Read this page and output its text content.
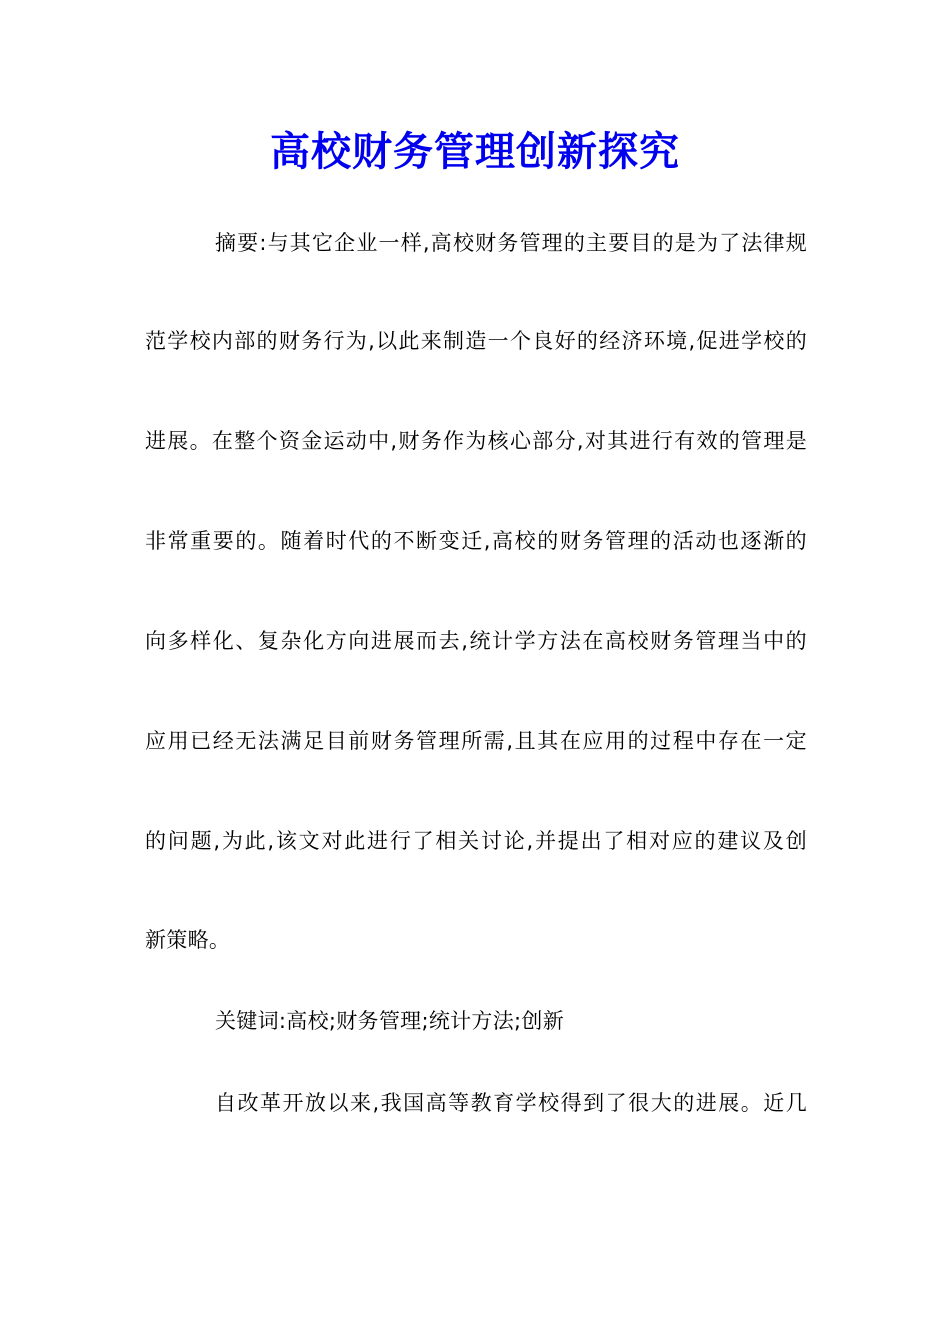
高校财务管理创新探究
摘要:与其它企业一样,高校财务管理的主要目的是为了法律规
范学校内部的财务行为,以此来制造一个良好的经济环境,促进学校的
进展。在整个资金运动中,财务作为核心部分,对其进行有效的管理是
非常重要的。随着时代的不断变迁,高校的财务管理的活动也逐渐的
向多样化、复杂化方向进展而去,统计学方法在高校财务管理当中的
应用已经无法满足目前财务管理所需,且其在应用的过程中存在一定
的问题,为此,该文对此进行了相关讨论,并提出了相对应的建议及创
新策略。
关键词:高校;财务管理;统计方法;创新
自改革开放以来,我国高等教育学校得到了很大的进展。近几
